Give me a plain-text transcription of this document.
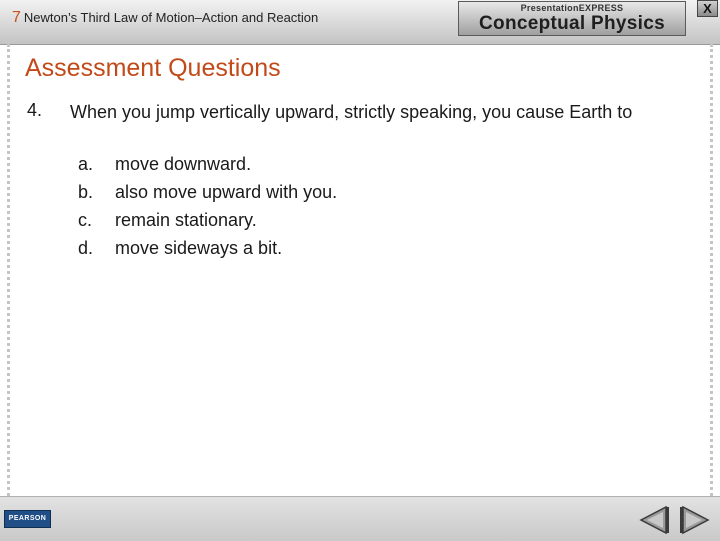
7 Newton’s Third Law of Motion–Action and Reaction
PresentationEXPRESS
Conceptual Physics
X
Assessment Questions
4. When you jump vertically upward, strictly speaking, you cause Earth to
a.	move downward.
b.	also move upward with you.
c.	remain stationary.
d.	move sideways a bit.
PEARSON
